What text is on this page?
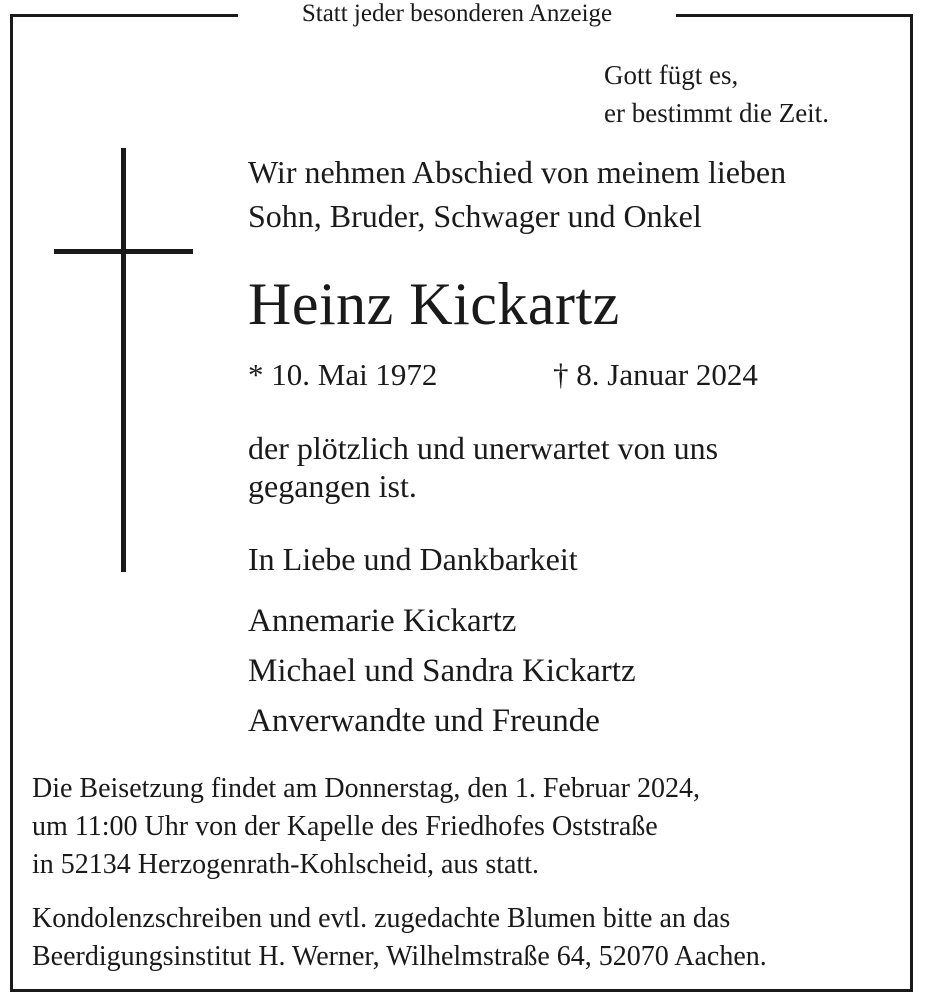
Statt jeder besonderen Anzeige
Gott fügt es,
er bestimmt die Zeit.
Wir nehmen Abschied von meinem lieben
Sohn, Bruder, Schwager und Onkel
Heinz Kickartz
* 10. Mai 1972	† 8. Januar 2024
der plötzlich und unerwartet von uns
gegangen ist.
In Liebe und Dankbarkeit
Annemarie Kickartz
Michael und Sandra Kickartz
Anverwandte und Freunde
Die Beisetzung findet am Donnerstag, den 1. Februar 2024,
um 11:00 Uhr von der Kapelle des Friedhofes Oststraße
in 52134 Herzogenrath-Kohlscheid, aus statt.
Kondolenzschreiben und evtl. zugedachte Blumen bitte an das
Beerdigungsinstitut H. Werner, Wilhelmstraße 64, 52070 Aachen.
